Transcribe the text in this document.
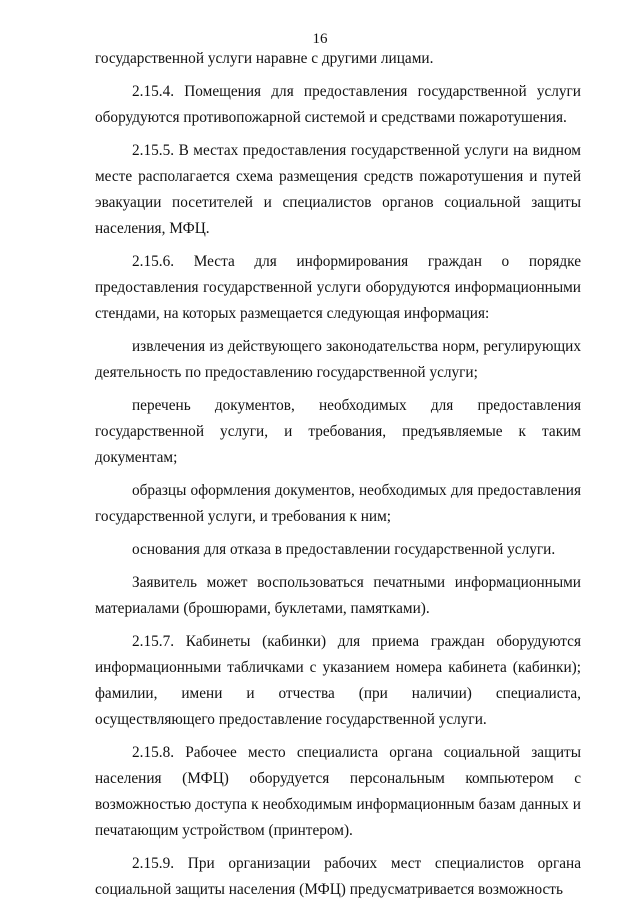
16

государственной услуги наравне с другими лицами.

2.15.4. Помещения для предоставления государственной услуги оборудуются противопожарной системой и средствами пожаротушения.

2.15.5. В местах предоставления государственной услуги на видном месте располагается схема размещения средств пожаротушения и путей эвакуации посетителей и специалистов органов социальной защиты населения, МФЦ.

2.15.6. Места для информирования граждан о порядке предоставления государственной услуги оборудуются информационными стендами, на которых размещается следующая информация:

извлечения из действующего законодательства норм, регулирующих деятельность по предоставлению государственной услуги;

перечень документов, необходимых для предоставления государственной услуги, и требования, предъявляемые к таким документам;

образцы оформления документов, необходимых для предоставления государственной услуги, и требования к ним;

основания для отказа в предоставлении государственной услуги.

Заявитель может воспользоваться печатными информационными материалами (брошюрами, буклетами, памятками).

2.15.7. Кабинеты (кабинки) для приема граждан оборудуются информационными табличками с указанием номера кабинета (кабинки); фамилии, имени и отчества (при наличии) специалиста, осуществляющего предоставление государственной услуги.

2.15.8. Рабочее место специалиста органа социальной защиты населения (МФЦ) оборудуется персональным компьютером с возможностью доступа к необходимым информационным базам данных и печатающим устройством (принтером).

2.15.9. При организации рабочих мест специалистов органа социальной защиты населения (МФЦ) предусматривается возможность
